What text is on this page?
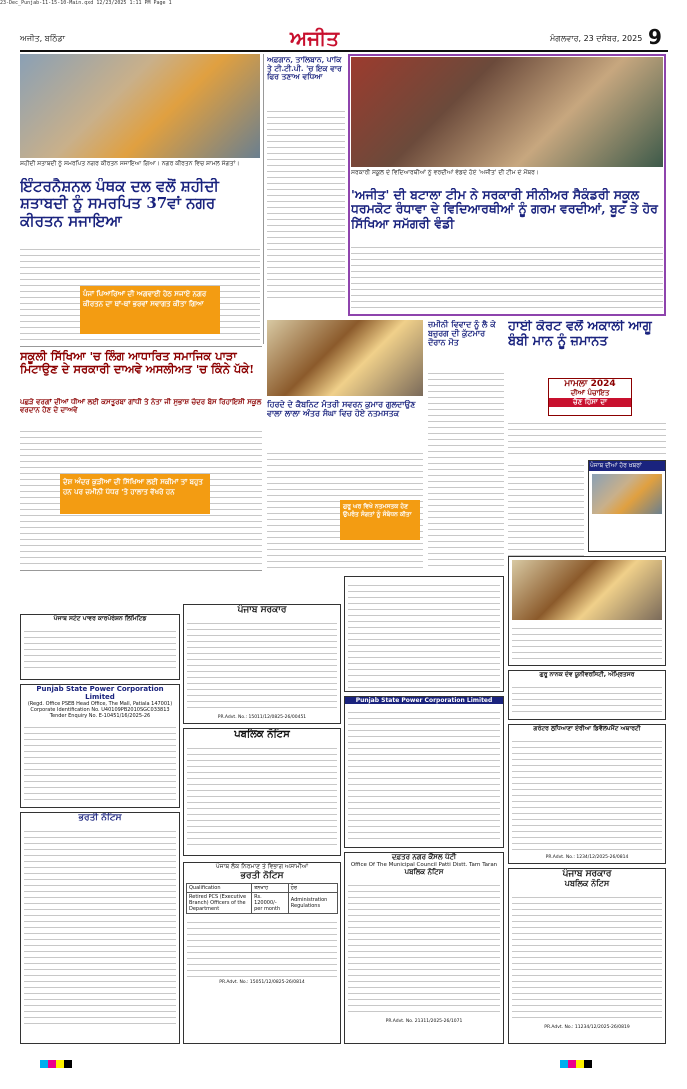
23-Dec_Punjab-11-15-10-Main.qxd 12/23/2025 1:11 PM Page 1
ਅਜੀਤ, ਬਠਿੰਡਾ	ਅਜੀਤ	ਮੰਗਲਵਾਰ, 23 ਦਸੰਬਰ, 2025 9
ਸ਼ਹੀਦੀ ਸ਼ਤਾਬਦੀ ਨੂੰ ਸਮਰਪਿਤ ਨਗਰ ਕੀਰਤਨ ਸਜਾਇਆ ਗਿਆ। ਨਗਰ ਕੀਰਤਨ ਵਿਚ ਸ਼ਾਮਲ ਸੰਗਤਾਂ।
ਇੰਟਰਨੈਸ਼ਨਲ ਪੰਥਕ ਦਲ ਵਲੋਂ ਸ਼ਹੀਦੀ ਸ਼ਤਾਬਦੀ ਨੂੰ ਸਮਰਪਿਤ 37ਵਾਂ ਨਗਰ ਕੀਰਤਨ ਸਜਾਇਆ
ਪੰਜਾਂ ਪਿਆਰਿਆਂ ਦੀ ਅਗਵਾਈ ਹੇਠ ਸਜਾਏ ਨਗਰ ਕੀਰਤਨ ਦਾ ਥਾਂ-ਥਾਂ ਭਰਵਾਂ ਸਵਾਗਤ ਕੀਤਾ ਗਿਆ
ਅਫ਼ਗਾਨ, ਤਾਲਿਬਾਨ, ਪਾਕਿ ਤੇ ਟੀ.ਟੀ.ਪੀ. 'ਚ ਇਕ ਵਾਰ ਫਿਰ ਤਣਾਅ ਵਧਿਆ
ਸਰਕਾਰੀ ਸਕੂਲ ਦੇ ਵਿਦਿਆਰਥੀਆਂ ਨੂੰ ਵਰਦੀਆਂ ਵੰਡਦੇ ਹੋਏ 'ਅਜੀਤ' ਦੀ ਟੀਮ ਦੇ ਮੈਂਬਰ।
'ਅਜੀਤ' ਦੀ ਬਟਾਲਾ ਟੀਮ ਨੇ ਸਰਕਾਰੀ ਸੀਨੀਅਰ ਸੈਕੰਡਰੀ ਸਕੂਲ ਧਰਮਕੋਟ ਰੰਧਾਵਾ ਦੇ ਵਿਦਿਆਰਥੀਆਂ ਨੂੰ ਗਰਮ ਵਰਦੀਆਂ, ਬੂਟ ਤੇ ਹੋਰ ਸਿੱਖਿਆ ਸਮੱਗਰੀ ਵੰਡੀ
ਸਕੂਲੀ ਸਿੱਖਿਆ 'ਚ ਲਿੰਗ ਆਧਾਰਿਤ ਸਮਾਜਿਕ ਪਾੜਾ ਮਿਟਾਉਣ ਦੇ ਸਰਕਾਰੀ ਦਾਅਵੇ ਅਸਲੀਅਤ 'ਚ ਕਿੰਨੇ ਪੱਕੇ!
ਪਛੜੇ ਵਰਗਾਂ ਦੀਆਂ ਧੀਆਂ ਲਈ ਕਸਤੂਰਬਾ ਗਾਂਧੀ ਤੇ ਨੇਤਾ ਜੀ ਸੁਭਾਸ਼ ਚੰਦਰ ਬੋਸ ਰਿਹਾਇਸ਼ੀ ਸਕੂਲ ਵਰਦਾਨ ਹੋਣ ਦੇ ਦਾਅਵੇ
ਦੇਸ਼ ਅੰਦਰ ਕੁੜੀਆਂ ਦੀ ਸਿੱਖਿਆ ਲਈ ਸਕੀਮਾਂ ਤਾਂ ਬਹੁਤ ਹਨ ਪਰ ਜ਼ਮੀਨੀ ਪੱਧਰ 'ਤੇ ਹਾਲਾਤ ਵੱਖਰੇ ਹਨ
ਹਿਰਦੇ ਦੇ ਕੈਬਨਿਟ ਮੰਤਰੀ ਸਵਰਨ ਕੁਮਾਰ ਗੁਲਦਾਉਣ ਵਾਲਾ ਲਾਲਾ ਅੰਤਰ ਸੰਘਾ ਵਿਚ ਹੋਏ ਨਤਮਸਤਕ
ਗੁਰੂ ਘਰ ਵਿਖੇ ਨਤਮਸਤਕ ਹੋਣ ਉਪਰੰਤ ਸੰਗਤਾਂ ਨੂੰ ਸੰਬੋਧਨ ਕੀਤਾ
ਜ਼ਮੀਨੀ ਵਿਵਾਦ ਨੂੰ ਲੈ ਕੇ ਬਜ਼ੁਰਗ ਦੀ ਕੁੱਟਮਾਰ ਦੌਰਾਨ ਮੌਤ
ਹਾਈ ਕੋਰਟ ਵਲੋਂ ਅਕਾਲੀ ਆਗੂ ਬੰਬੀ ਮਾਨ ਨੂੰ ਜ਼ਮਾਨਤ
ਮਾਮਲਾ 2024
ਦੀਆਂ ਪੰਚਾਇਤ
ਚੋਣ ਹਿੰਸਾ ਦਾ
ਪੰਜਾਬ ਦੀਆਂ ਹੋਰ ਖ਼ਬਰਾਂ
ਪੰਜਾਬ ਸਟੇਟ ਪਾਵਰ ਕਾਰਪੋਰੇਸ਼ਨ ਲਿਮਿਟਿਡ
Punjab State Power Corporation Limited
(Regd. Office PSEB Head Office, The Mall, Patiala 147001)
Corporate Identification No. U40109PB2010SGC033813
Tender Enquiry No. E-10451/16/2025-26
ਭਰਤੀ ਨੋਟਿਸ
ਪੰਜਾਬ ਸਰਕਾਰ
PR.Advt. No.: 15011/12/0825-26/00451
ਪਬਲਿਕ ਨੋਟਿਸ
ਪੰਜਾਬ ਲੋਕ ਨਿਰਮਾਣ ਤੇ ਵਿਭਾਗ ਅਸਾਮੀਆਂ
ਭਰਤੀ ਨੋਟਿਸ
Qualification	ਤਨਖਾਹ	ਹੋਰ
Retired PCS (Executive Branch) Officers of the Department	Rs. 120000/- per month	Administration Regulations
PR.Advt. No.: 15051/12/0825-26/0814
Punjab State Power Corporation Limited
ਦਫ਼ਤਰ ਨਗਰ ਕੌਂਸਲ ਪੱਟੀ
Office Of The Municipal Council Patti Distt. Tarn Taran
ਪਬਲਿਕ ਨੋਟਿਸ
PR.Advt. No. 21311/2025-26/1071
ਗੁਰੂ ਨਾਨਕ ਦੇਵ ਯੂਨੀਵਰਸਿਟੀ, ਅੰਮ੍ਰਿਤਸਰ
ਗਰੇਟਰ ਲੁਧਿਆਣਾ ਏਰੀਆ ਡਿਵੈਲਪਮੈਂਟ ਅਥਾਰਟੀ
PR.Advt. No.: 1234/12/2025-26/0814
ਪੰਜਾਬ ਸਰਕਾਰ
ਪਬਲਿਕ ਨੋਟਿਸ
PR.Advt. No.: 11234/12/2025-26/0819
